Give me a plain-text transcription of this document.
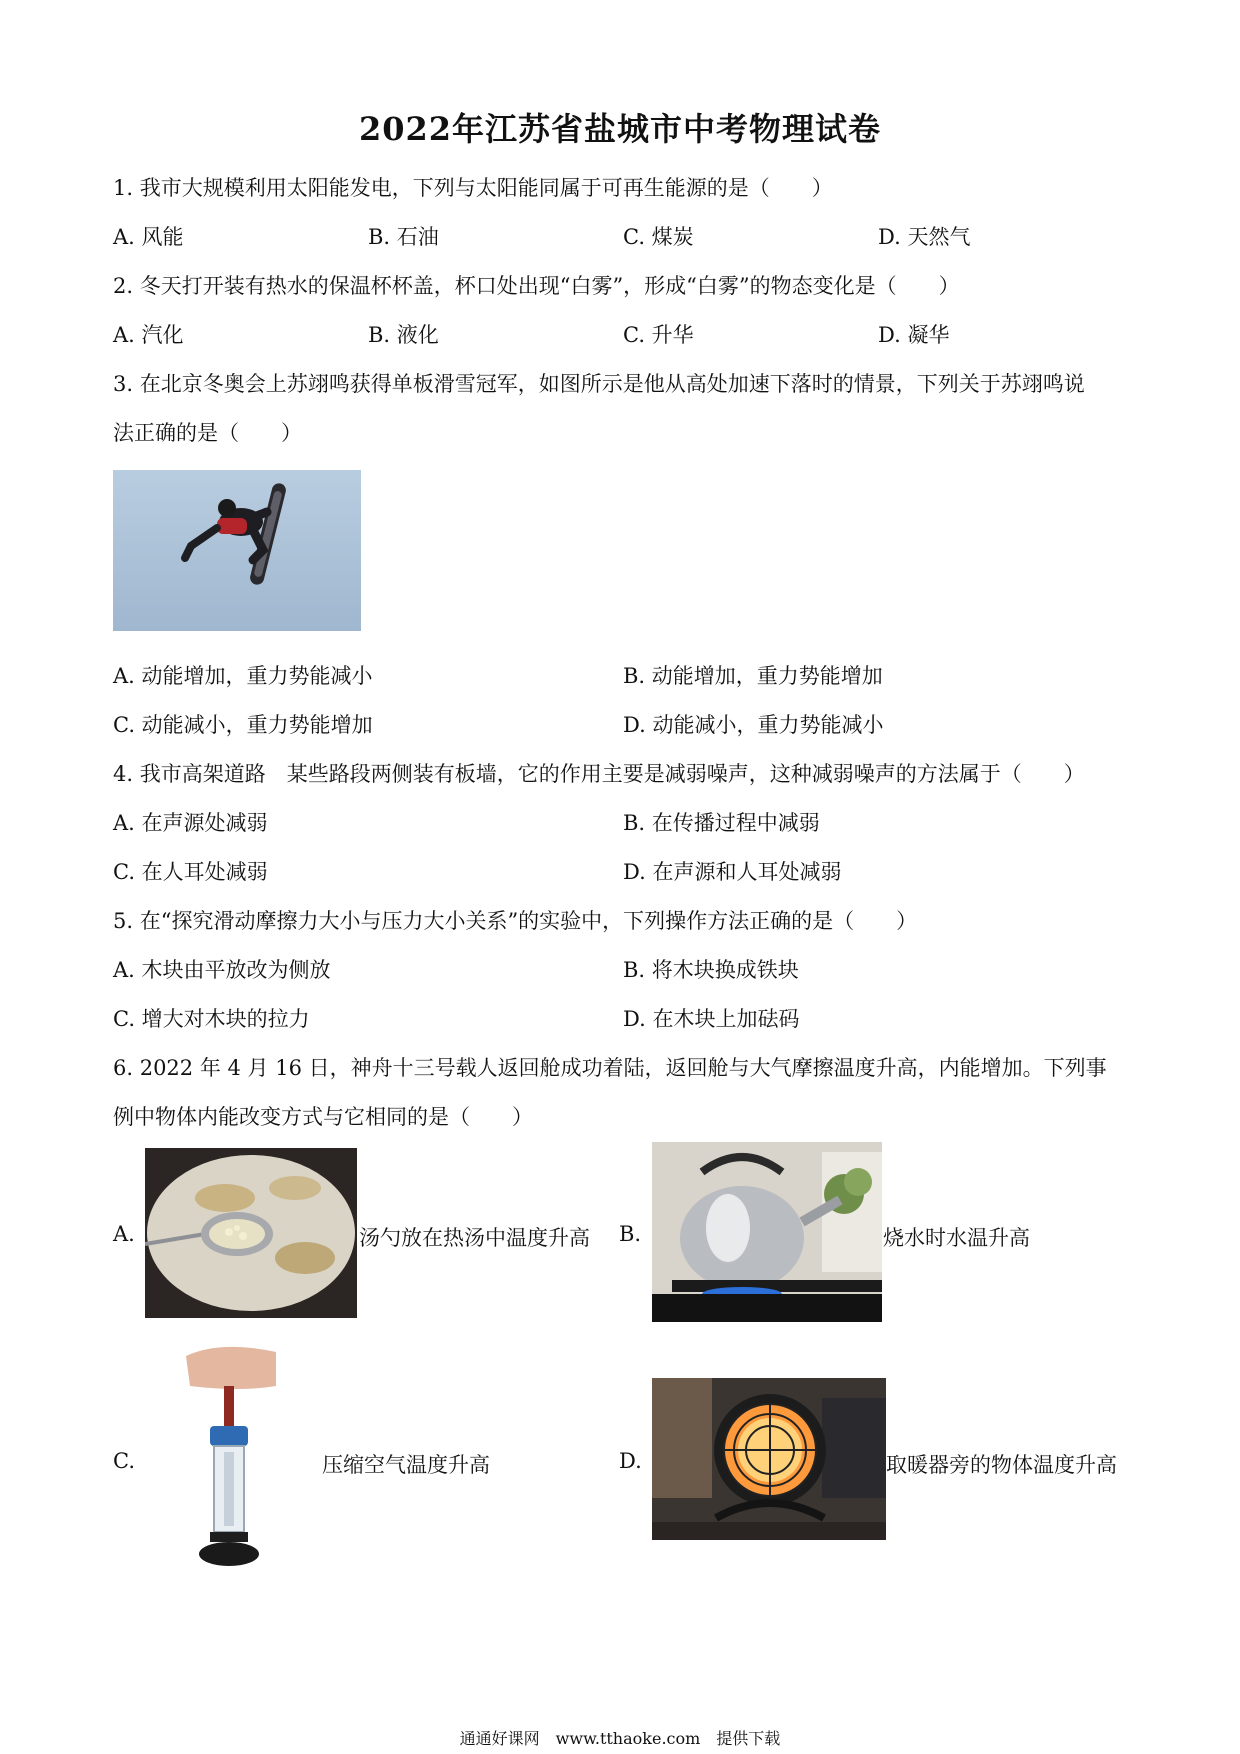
2022年江苏省盐城市中考物理试卷
1. 我市大规模利用太阳能发电，下列与太阳能同属于可再生能源的是（　　）
A. 风能	B. 石油	C. 煤炭	D. 天然气
2. 冬天打开装有热水的保温杯杯盖，杯口处出现“白雾”，形成“白雾”的物态变化是（　　）
A. 汽化	B. 液化	C. 升华	D. 凝华
3. 在北京冬奥会上苏翊鸣获得单板滑雪冠军，如图所示是他从高处加速下落时的情景，下列关于苏翊鸣说
法正确的是（　　）
A. 动能增加，重力势能减小	B. 动能增加，重力势能增加
C. 动能减小，重力势能增加	D. 动能减小，重力势能减小
4. 我市高架道路　某些路段两侧装有板墙，它的作用主要是减弱噪声，这种减弱噪声的方法属于（　　）
A. 在声源处减弱	B. 在传播过程中减弱
C. 在人耳处减弱	D. 在声源和人耳处减弱
5. 在“探究滑动摩擦力大小与压力大小关系”的实验中，下列操作方法正确的是（　　）
A. 木块由平放改为侧放	B. 将木块换成铁块
C. 增大对木块的拉力	D. 在木块上加砝码
6. 2022 年 4 月 16 日，神舟十三号载人返回舱成功着陆，返回舱与大气摩擦温度升高，内能增加。下列事
例中物体内能改变方式与它相同的是（　　）
A.	汤勺放在热汤中温度升高 B.	烧水时水温升高
C.	压缩空气温度升高	D.	取暖器旁的物体温度升高
通通好课网　www.tthaoke.com　提供下载
